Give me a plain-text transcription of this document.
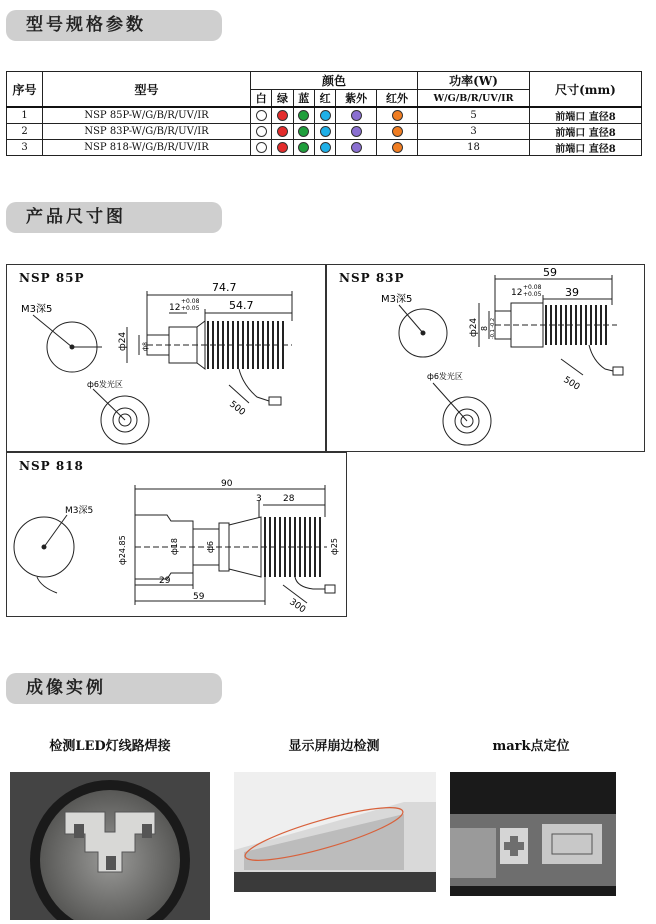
型号规格参数
序号	型号	颜色						功率(W)	尺寸(mm)
		白	绿	蓝	红	紫外	红外	W/G/B/R/UV/IR	
1	NSP 85P-W/G/B/R/UV/IR							5	前端口 直径8
2	NSP 83P-W/G/B/R/UV/IR							3	前端口 直径8
3	NSP 818-W/G/B/R/UV/IR							18	前端口 直径8
产品尺寸图
NSP 85P
M3深5
74.7
54.7
12
+0.08
+0.05
ф24 ф8
500
ф6发光区
NSP 83P
M3深5
59
39
12
+0.08
+0.05
ф24 8 -0.1 -0.2
500
ф6发光区
NSP 818
M3深5
90
3 28
29
59
ф24.85	ф18	ф6	ф25
300
成像实例
检测LED灯线路焊接	显示屏崩边检测	mark点定位
